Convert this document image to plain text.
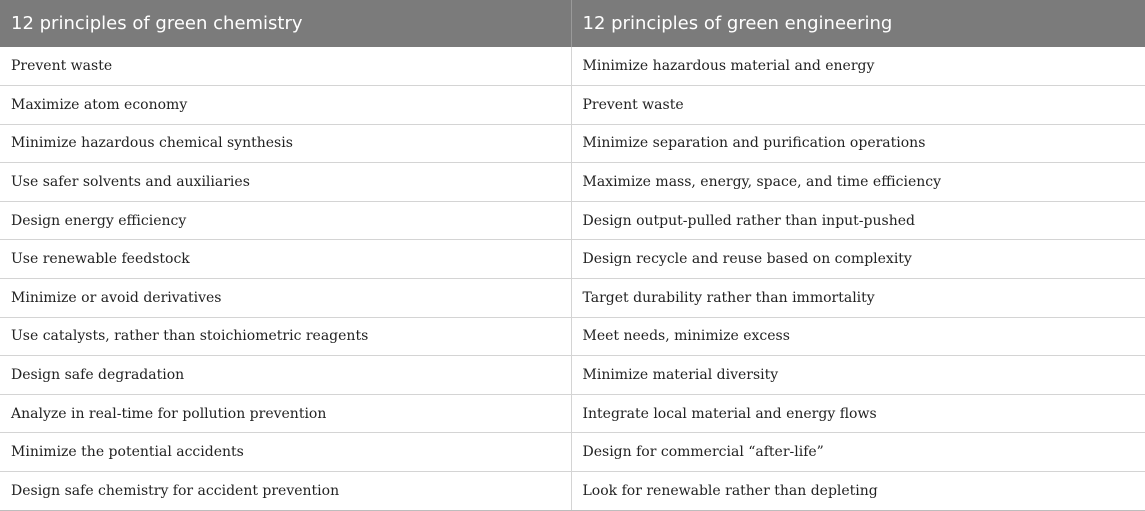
12 principles of green chemistry	12 principles of green engineering
Prevent waste	Minimize hazardous material and energy
Maximize atom economy	Prevent waste
Minimize hazardous chemical synthesis	Minimize separation and purification operations
Use safer solvents and auxiliaries	Maximize mass, energy, space, and time efficiency
Design energy efficiency	Design output-pulled rather than input-pushed
Use renewable feedstock	Design recycle and reuse based on complexity
Minimize or avoid derivatives	Target durability rather than immortality
Use catalysts, rather than stoichiometric reagents	Meet needs, minimize excess
Design safe degradation	Minimize material diversity
Analyze in real-time for pollution prevention	Integrate local material and energy flows
Minimize the potential accidents	Design for commercial “after-life”
Design safe chemistry for accident prevention	Look for renewable rather than depleting
